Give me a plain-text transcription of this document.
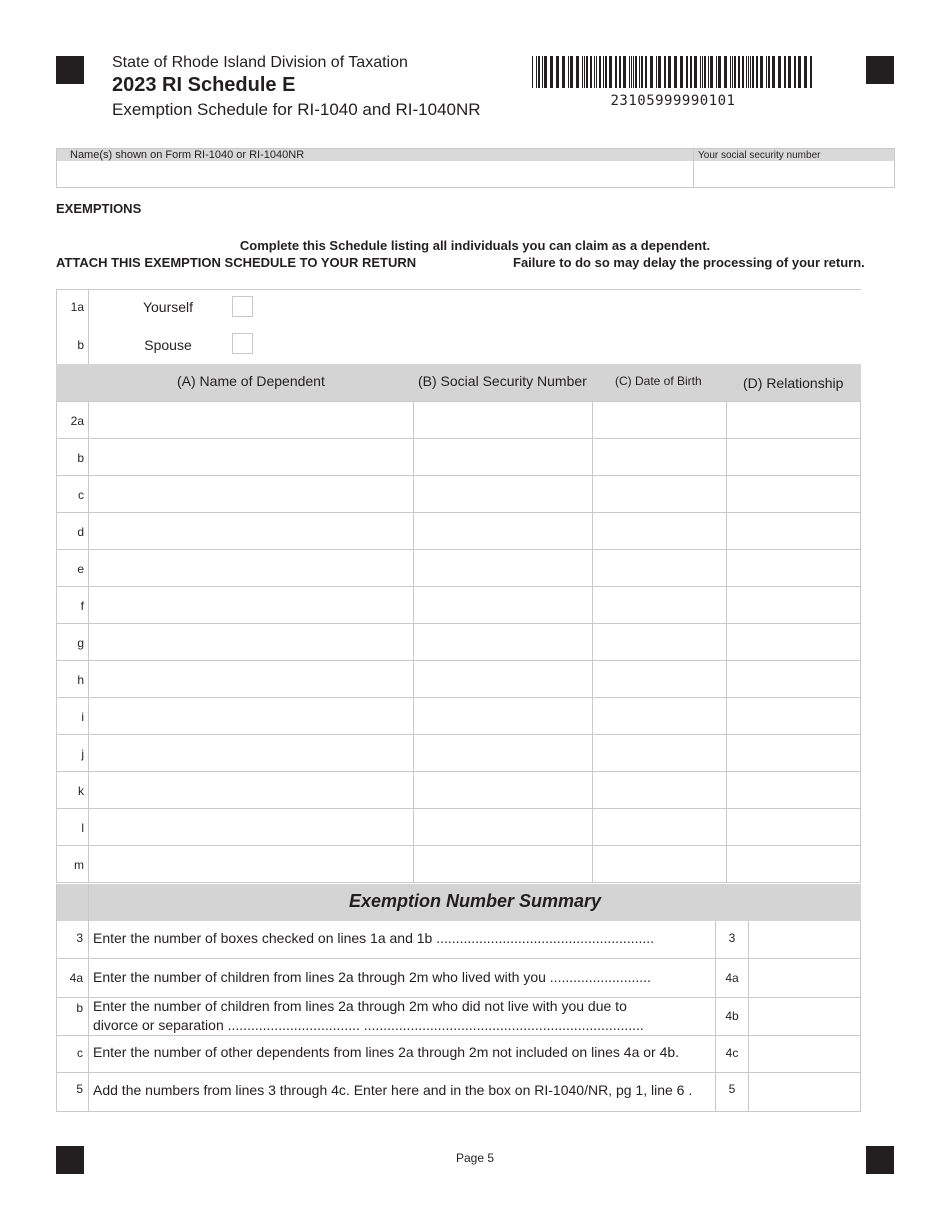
State of Rhode Island Division of Taxation
2023 RI Schedule E
Exemption Schedule for RI-1040 and RI-1040NR	23105999990101
Name(s) shown on Form RI-1040 or RI-1040NR	Your social security number
EXEMPTIONS
Complete this Schedule listing all individuals you can claim as a dependent.
ATTACH THIS EXEMPTION SCHEDULE TO YOUR RETURN	Failure to do so may delay the processing of your return.
1a	Yourself
b	Spouse
(A) Name of Dependent	(B) Social Security Number (C) Date of Birth	(D) Relationship
2a
b
c
d
e
f
g
h
i
j
k
l
m
Exemption Number Summary
3 Enter the number of boxes checked on lines 1a and 1b ........................................................	3
4a Enter the number of children from lines 2a through 2m who lived with you ..........................	4a
b Enter the number of children from lines 2a through 2m who did not live with you due to
divorce or separation .................................. ........................................................................
4b
c Enter the number of other dependents from lines 2a through 2m not included on lines 4a or 4b.	4c
5 Add the numbers from lines 3 through 4c. Enter here and in the box on RI-1040/NR, pg 1, line 6 .	5
Page 5
